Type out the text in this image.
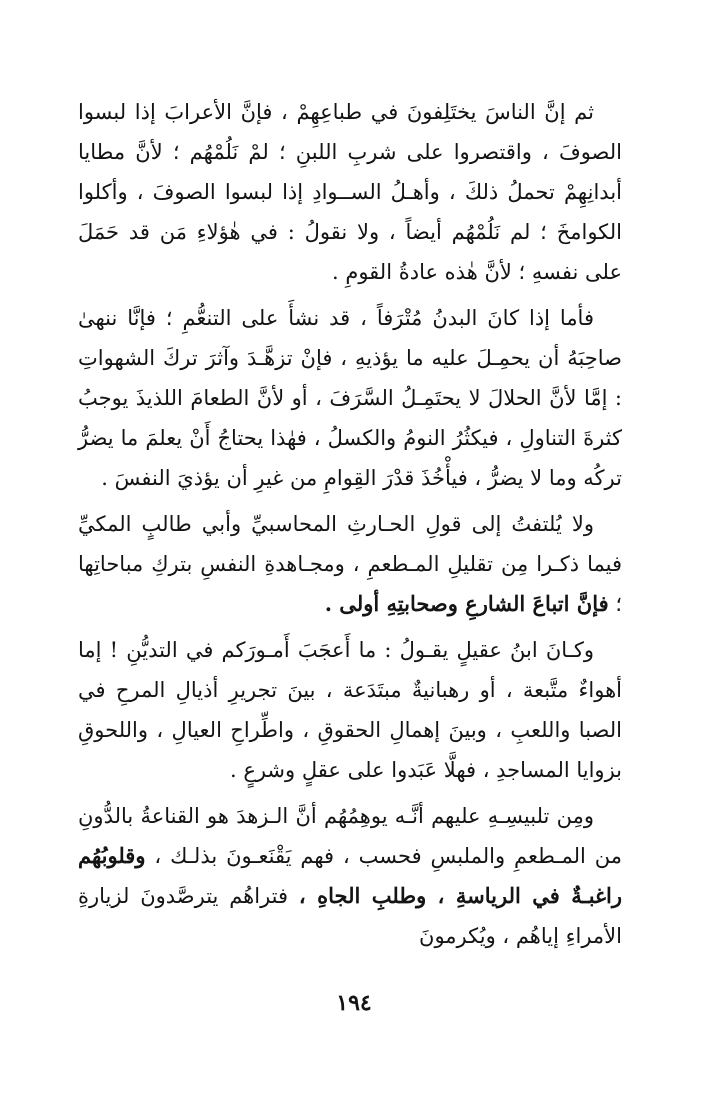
ثم إنَّ الناسَ يختَلِفونَ في طباعِهِمْ ، فإنَّ الأعرابَ إذا لبسوا الصوفَ ، واقتصروا على شربِ اللبنِ ؛ لمْ نَلُمْهُم ؛ لأنَّ مطايا أبدانِهِمْ تحملُ ذلكَ ، وأهـلُ الســوادِ إذا لبسوا الصوفَ ، وأكلوا الكوامخَ ؛ لم نَلُمْهُم أيضاً ، ولا نقولُ : في هٰؤلاءِ مَن قد حَمَلَ على نفسهِ ؛ لأنَّ هٰذه عادةُ القومِ .

فأما إذا كانَ البدنُ مُتْرَفاً ، قد نشأَ على التنعُّمِ ؛ فإنَّا ننهىٰ صاحِبَهُ أن يحمِـلَ عليه ما يؤذيهِ ، فإنْ تزهَّـدَ وآثرَ تركَ الشهواتِ : إمَّا لأنَّ الحلالَ لا يحتَمِـلُ السَّرَفَ ، أو لأنَّ الطعامَ اللذيذَ يوجبُ كثرةَ التناولِ ، فيكثُرُ النومُ والكسلُ ، فهٰذا يحتاجُ أَنْ يعلمَ ما يضرُّ تركُه وما لا يضرُّ ، فيأْخُذَ قدْرَ القِوامِ من غيرِ أن يؤذيَ النفسَ .

ولا يُلتفتُ إلى قولِ الحـارثِ المحاسبيِّ وأبي طالبٍ المكيِّ فيما ذكـرا مِن تقليلِ المـطعمِ ، ومجـاهدةِ النفسِ بتركِ مباحاتِها ؛ فإنَّ اتباعَ الشارعِ وصحابتِهِ أولى .

وكـانَ ابنُ عقيلٍ يقـولُ : ما أَعجَبَ أَمـورَكم في التديُّنِ ! إما أهواءٌ متَّبعة ، أو رهبانيةٌ مبتَدَعة ، بينَ تجريرِ أذيالِ المرحِ في الصبا واللعبِ ، وبينَ إهمالِ الحقوقِ ، واطِّراحِ العيالِ ، واللحوقِ بزوايا المساجدِ ، فهلَّا عَبَدوا على عقلٍ وشرعٍ .

ومِن تلبيسِـهِ عليهم أنَّـه يوهِمُهُم أنَّ الـزهدَ هو القناعةُ بالدُّونِ من المـطعمِ والملبسِ فحسب ، فهم يَقْنَعـونَ بذلـك ، وقلوبُهُم راغبـةٌ في الرياسةِ ، وطلبِ الجاهِ ، فتراهُم يترصَّدونَ لزيارةِ الأمراءِ إياهُم ، ويُكرمونَ

١٩٤
